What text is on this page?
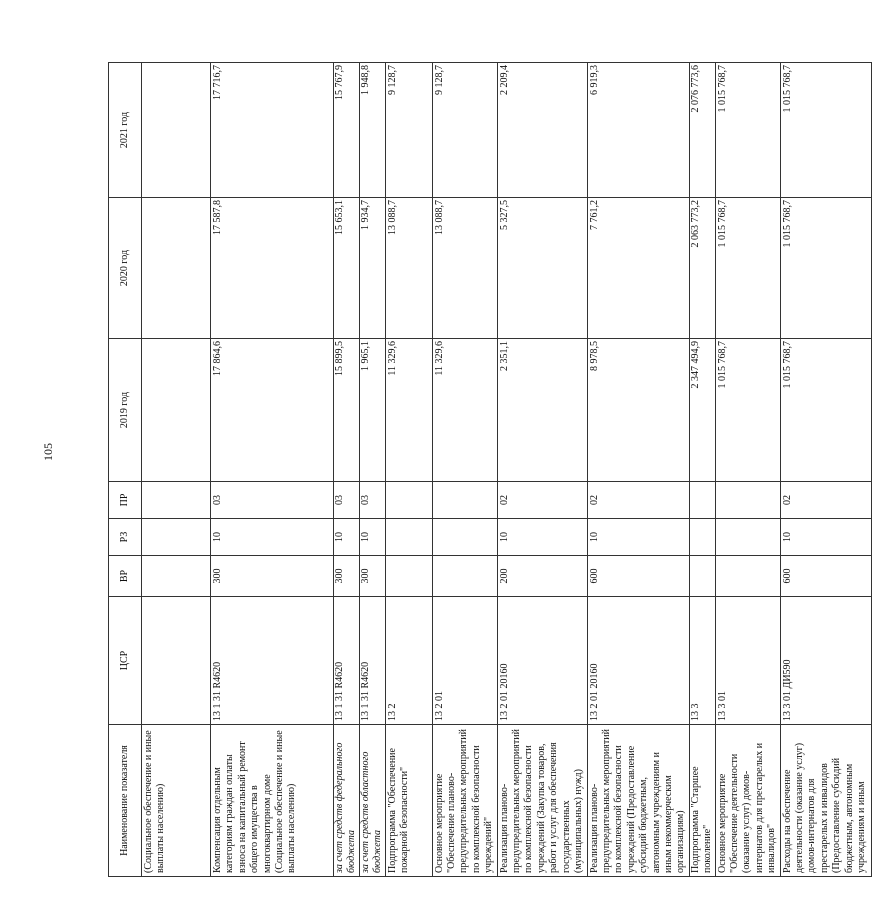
105
Наименование показателя	ЦСР	ВР	РЗ	ПР	2019 год	2020 год	2021 год
(Социальное обеспечение и иные выплаты населению)							
Компенсация отдельным категориям граждан оплаты взноса на капитальный ремонт общего имущества в многоквартирном доме (Социальное обеспечение и иные выплаты населению)	13 1 31 R4620	300	10	03	17 864,6	17 587,8	17 716,7
за счет средств федерального бюджета	13 1 31 R4620	300	10	03	15 899,5	15 653,1	15 767,9
за счет средств областного бюджета	13 1 31 R4620	300	10	03	1 965,1	1 934,7	1 948,8
Подпрограмма "Обеспечение пожарной безопасности"	13 2				11 329,6	13 088,7	9 128,7
Основное мероприятие "Обеспечение планово-предупредительных мероприятий по комплексной безопасности учреждений"	13 2 01				11 329,6	13 088,7	9 128,7
Реализация планово-предупредительных мероприятий по комплексной безопасности учреждений (Закупка товаров, работ и услуг для обеспечения государственных (муниципальных) нужд)	13 2 01 20160	200	10	02	2 351,1	5 327,5	2 209,4
Реализация планово-предупредительных мероприятий по комплексной безопасности учреждений (Предоставление субсидий бюджетным, автономным учреждениям и иным некоммерческим организациям)	13 2 01 20160	600	10	02	8 978,5	7 761,2	6 919,3
Подпрограмма "Старшее поколение"	13 3				2 347 494,9	2 063 773,2	2 076 773,6
Основное мероприятие "Обеспечение деятельности (оказание услуг) домов-интернатов для престарелых и инвалидов"	13 3 01				1 015 768,7	1 015 768,7	1 015 768,7
Расходы на обеспечение деятельности (оказание услуг) домов-интернатов для престарелых и инвалидов (Предоставление субсидий бюджетным, автономным учреждениям и иным	13 3 01 ДИ590	600	10	02	1 015 768,7	1 015 768,7	1 015 768,7
